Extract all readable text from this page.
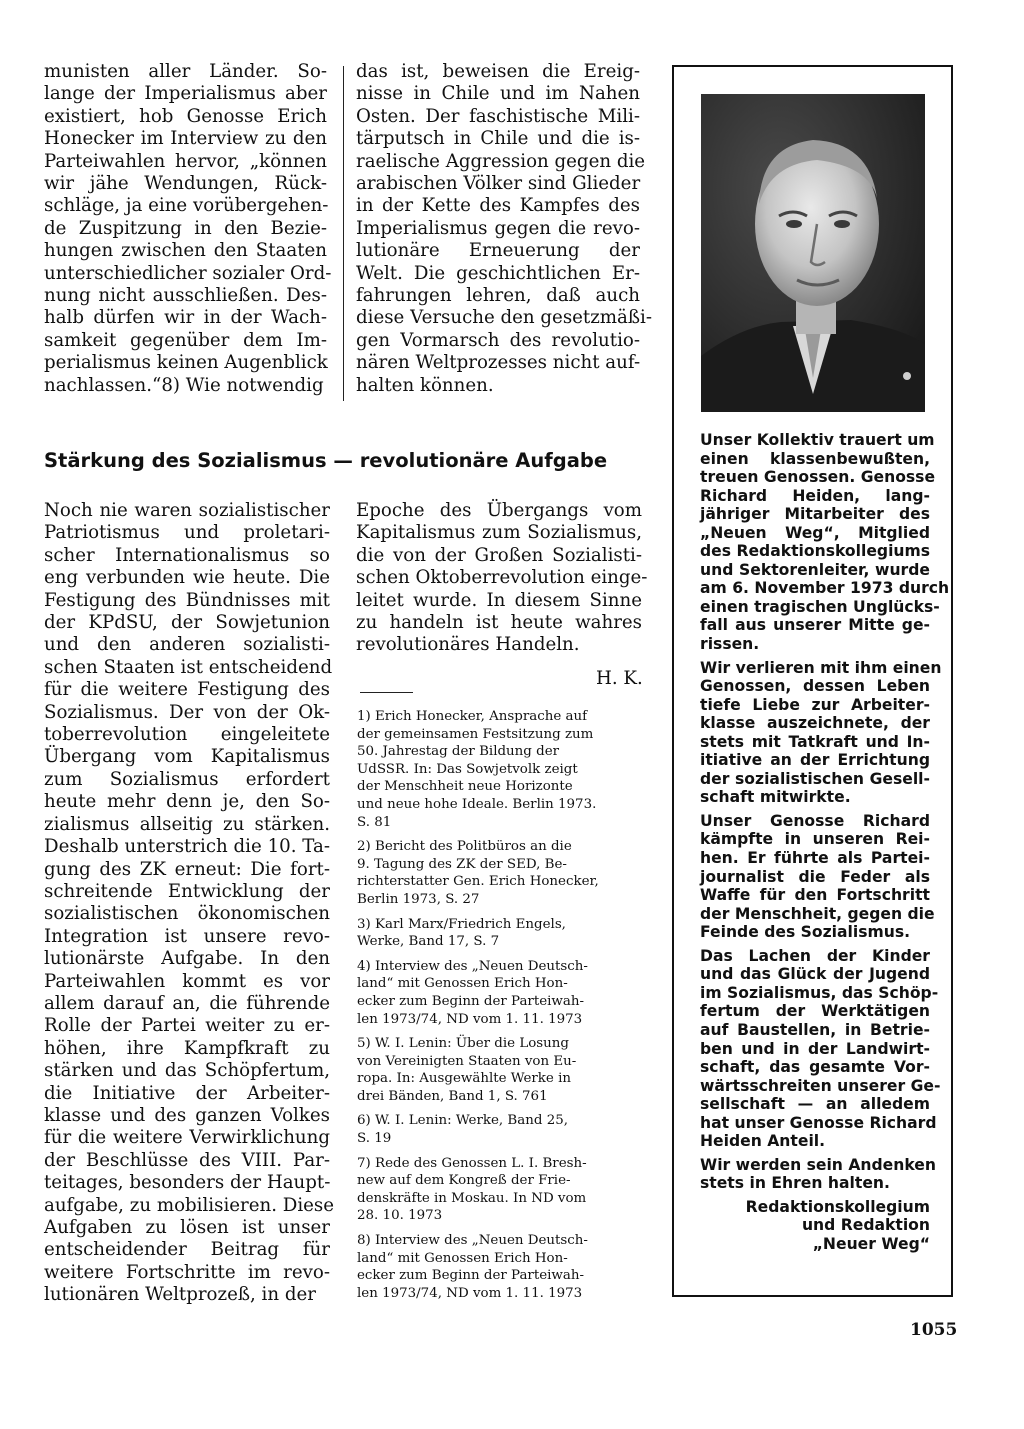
munisten aller Länder. So-
lange der Imperialismus aber
existiert, hob Genosse Erich
Honecker im Interview zu den
Parteiwahlen hervor, „können
wir jähe Wendungen, Rück-
schläge, ja eine vorübergehen-
de Zuspitzung in den Bezie-
hungen zwischen den Staaten
unterschiedlicher sozialer Ord-
nung nicht ausschließen. Des-
halb dürfen wir in der Wach-
samkeit gegenüber dem Im-
perialismus keinen Augenblick
nachlassen.“8) Wie notwendig
das ist, beweisen die Ereig-
nisse in Chile und im Nahen
Osten. Der faschistische Mili-
tärputsch in Chile und die is-
raelische Aggression gegen die
arabischen Völker sind Glieder
in der Kette des Kampfes des
Imperialismus gegen die revo-
lutionäre Erneuerung der
Welt. Die geschichtlichen Er-
fahrungen lehren, daß auch
diese Versuche den gesetzmäßi-
gen Vormarsch des revolutio-
nären Weltprozesses nicht auf-
halten können.
Stärkung des Sozialismus — revolutionäre Aufgabe
Noch nie waren sozialistischer
Patriotismus und proletari-
scher Internationalismus so
eng verbunden wie heute. Die
Festigung des Bündnisses mit
der KPdSU, der Sowjetunion
und den anderen sozialisti-
schen Staaten ist entscheidend
für die weitere Festigung des
Sozialismus. Der von der Ok-
toberrevolution eingeleitete
Übergang vom Kapitalismus
zum Sozialismus erfordert
heute mehr denn je, den So-
zialismus allseitig zu stärken.
Deshalb unterstrich die 10. Ta-
gung des ZK erneut: Die fort-
schreitende Entwicklung der
sozialistischen ökonomischen
Integration ist unsere revo-
lutionärste Aufgabe. In den
Parteiwahlen kommt es vor
allem darauf an, die führende
Rolle der Partei weiter zu er-
höhen, ihre Kampfkraft zu
stärken und das Schöpfertum,
die Initiative der Arbeiter-
klasse und des ganzen Volkes
für die weitere Verwirklichung
der Beschlüsse des VIII. Par-
teitages, besonders der Haupt-
aufgabe, zu mobilisieren. Diese
Aufgaben zu lösen ist unser
entscheidender Beitrag für
weitere Fortschritte im revo-
lutionären Weltprozeß, in der
Epoche des Übergangs vom
Kapitalismus zum Sozialismus,
die von der Großen Sozialisti-
schen Oktoberrevolution einge-
leitet wurde. In diesem Sinne
zu handeln ist heute wahres
revolutionäres Handeln.
H. K.
1) Erich Honecker, Ansprache auf
der gemeinsamen Festsitzung zum
50. Jahrestag der Bildung der
UdSSR. In: Das Sowjetvolk zeigt
der Menschheit neue Horizonte
und neue hohe Ideale. Berlin 1973.
S. 81
2) Bericht des Politbüros an die
9. Tagung des ZK der SED, Be-
richterstatter Gen. Erich Honecker,
Berlin 1973, S. 27
3) Karl Marx/Friedrich Engels,
Werke, Band 17, S. 7
4) Interview des „Neuen Deutsch-
land“ mit Genossen Erich Hon-
ecker zum Beginn der Parteiwah-
len 1973/74, ND vom 1. 11. 1973
5) W. I. Lenin: Über die Losung
von Vereinigten Staaten von Eu-
ropa. In: Ausgewählte Werke in
drei Bänden, Band 1, S. 761
6) W. I. Lenin: Werke, Band 25,
S. 19
7) Rede des Genossen L. I. Bresh-
new auf dem Kongreß der Frie-
denskräfte in Moskau. In ND vom
28. 10. 1973
8) Interview des „Neuen Deutsch-
land“ mit Genossen Erich Hon-
ecker zum Beginn der Parteiwah-
len 1973/74, ND vom 1. 11. 1973
Unser Kollektiv trauert um
einen klassenbewußten,
treuen Genossen. Genosse
Richard Heiden, lang-
jähriger Mitarbeiter des
„Neuen Weg“, Mitglied
des Redaktionskollegiums
und Sektorenleiter, wurde
am 6. November 1973 durch
einen tragischen Unglücks-
fall aus unserer Mitte ge-
rissen.
Wir verlieren mit ihm einen
Genossen, dessen Leben
tiefe Liebe zur Arbeiter-
klasse auszeichnete, der
stets mit Tatkraft und In-
itiative an der Errichtung
der sozialistischen Gesell-
schaft mitwirkte.
Unser Genosse Richard
kämpfte in unseren Rei-
hen. Er führte als Partei-
journalist die Feder als
Waffe für den Fortschritt
der Menschheit, gegen die
Feinde des Sozialismus.
Das Lachen der Kinder
und das Glück der Jugend
im Sozialismus, das Schöp-
fertum der Werktätigen
auf Baustellen, in Betrie-
ben und in der Landwirt-
schaft, das gesamte Vor-
wärtsschreiten unserer Ge-
sellschaft — an alledem
hat unser Genosse Richard
Heiden Anteil.
Wir werden sein Andenken
stets in Ehren halten.
Redaktionskollegium
und Redaktion
„Neuer Weg“
1055
